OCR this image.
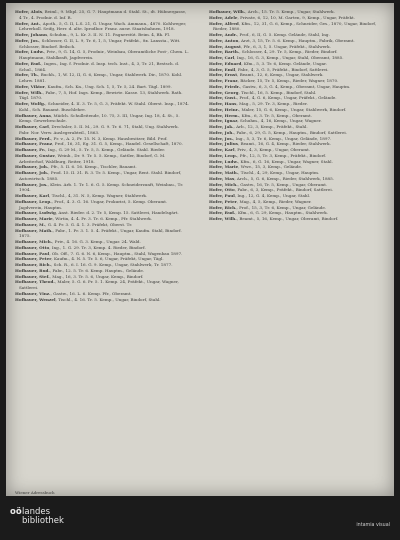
Hofer, Alois, Beiml., 9. Mhpl. 25, G. 7. Hauptmann d. Stahl. St., dt. Hübnergasse, 4 Tr., 4. Prodnir. d. Inf. R.

Hofer, Ant., Apoth., 5, G. II, L.S. 21, G. Ungar, Wach. Ammann., 4870. Kohlweger, Lehrerkoll. Seifg, Herr. d. alte. Iprodbor. Franz. ausw. Staatsbahnen, 1918.

Hofer, Johann, Schuhm., 9, L. Kr. 3. II. N. 11. Pagnerstüt. Beim. 4, Bk. Fl.

Hofer, Jos., Schlosser, G. II, L. 9, Tr. 6, 1, 5, Ungar, Präfekt., 8x. Lanssta., Witt. Schlosser, Bindorf. Beilsch.

Hofer, Ludw., Priv., 9, G. 14, G. 5, Prodnir., Weinbau, Oberamtliche Post-, Chem. L. Hauptmann, Stahlkraft, Jagdverein.

Hofer, Rud., Ingen., Ing. f. Prodnir. d. Insp. tech. Inst., 4, 3, Tr. 21, Bestsch. d. Schul., 1864.

Hofer, Th., Buchh., 1, W. 12, II, G. 6, Kemp., Ungar, Stahlwerk. Dir., 1870. Kohl. Lehrw. 1881.

Hofer, Viktor, Kaufm., Sch. Kn., Ung. Sch. 1, 5, Tr. 5, 24. Bart. Tägl. 1899.

Hofer, Wilh., Fabr., 7, 5, Hof. Ings. Kemp., Bewirte. Kasse. 13, Stahlwerk. Rath. Tägl. 1870.

Hofer, Wolfg., Schneider, 4. II. 3. Tr. 5, G. 3, Präfekt. W. Stahl. Oberst. Insp., 1874. Kohl., Sch. Bauamt. Buschlehre.

Hofbauer, Anna, Mädch. Schulleitende, 10. 75, 3. III, Ungar, Ing. 18, 4. St., 5. Kemp. Gewerbeschule.

Hofbauer, Carl, Drechsler, 5. II. M., 29. G. 9. Tr. 6. 71, Stahl, Ung. Stahlwerk. Fabr. Nor. Verw. Auslegerabteil., 1863.

Hofbauer, Ferd., Fr. v., A. 2, Fr. 15. N. 3, Kemp. Hausbesitzer, Bild. Prof.

Hofbauer, Franz, Prof., 16, 31, Eg. 31. G. 5, Kemp., Handel. Gesellschaft, 1870.

Hofbauer, Fr., Ing., G. 29 M., 5. Tr. 5, 5. Kemp., Gelände. Stahl. Rieder.

Hofbauer, Gustav, Weinb., Dr. 9. Tr. 5. 5. Kemp., Sattler, Bindorf, G. M. Arbeiterhof, Waldburg, Reiter, 1918.

Hofbauer, Joh., Pfr., 5. II. 6. 16. Kemp., Tischler, Bauamt.

Hofbauer, Joh., Prod. 15. II. 31. R. 3. Tr. 5. Kemp., Ungar, Rent. Stahl. Bindorf, Autowirtsch. 1885.

Hofbauer, Jos., Klein. Arb. 1. Tr. 1. 6. G. 5. Kemp. Schneiderzunft, Weinbau., Tr. 1904.

Hofbauer, Karl, Tischl., 4, 31. N. 5, Kemp. Wagner, Stahlwerk.

Hofbauer, Leop., Prof., 4. 3. G. 16. Ungar, Prokurist, 5. Kemp. Oberamt. Jagdverein, Hauptm.

Hofbauer, Ludwig, Anst. Rieder. d. 2. Tr. 5, Kemp. 15. Sattlerei, Handelsgärt.

Hofbauer, Marie, Wirtin, 4. 4. Pr. 3. Tr. 6. Kemp., Pfr. Stahlwerk.

Hofbauer, M., G. 4. Pr. 3. G. 4. 1. 3. Präfekt, Oberst. Tr.

Hofbauer, Math., Fabr., 1. Pr. 3. 1. 5. 4. Präfekt., Ungar, Kaufm. Stahl, Bindorf. 1875.

Hofbauer, Mich., Priv., 4. 16. G. 3. Kemp., Ungar. 24. Wald.

Hofbauer, Otto, Ing., 1. G. 29. Tr. 3, Kemp. 4. Rieder, Bindorf.

Hofbauer, Paul, Ob. Off., 7. G. 6. N. 6, Kemp., Hauptm., Stahl, Wagenbau 1897.

Hofbauer, Peter, Kaufm., 4. N. 5. Tr. 5. 6, Ungar, Präfekt, Ungar, Tägl.

Hofbauer, Rich., Sch. R., 6. I. 16. G. 9. Kemp., Ungar, Stahlwerk, Tr. 1877.

Hofbauer, Rud., Fabr., 12. 5. Tr. 6. Kemp. Hauptm., Gelände.

Hofbauer, Stef., Mag., 16, 3. Tr. 5. 6, Ungar, Kemp., Bindorf.

Hofbauer, Theod., Maler, 5. G. 6. Pr. 5. 1. Kemp. 24, Präfekt., Ungar, Wagner, Sattlerei.

Hofbauer, Vinz., Gastw., 16. L. 6. Kemp. Pfr., Oberamt.

Hofbauer, Wenzel, Tischl., 4. 16. Tr. 5. Kemp., Ungar, Bindorf, Stahl.

Hofbauer, Wilh., Arch., 15. Tr. 5. Kemp., Ungar, Stahlwerk.

Hofer, Adele, Private, 6, 12, 10, M. Garten, 9, Kemp., Ungar, Präfekt.

Hofer, Alfred, Kfm., 12, 31, G. 6, Kemp., Schneider, Ges., 1870, Ungar, Bindorf, Rieder, 1880.

Hofer, Andr., Prof., 6, II, G. 5. Kemp. Gelände, Stahl, Ing.

Hofer, Anton, Arzt, 3, 15, Tr. 5. 6. Kemp., Hauptm., Fabrik, Oberamt.

Hofer, August, Pfr., 6, 3, 1, 5. Ungar, Präfekt., Stahlwerk.

Hofer, Barth., Schlosser, 4, 29. Tr. 5, Kemp., Rieder, Bindorf.

Hofer, Carl, Ing., 16, G. 3, Kemp., Ungar, Stahl, Oberamt, 1885.

Hofer, Eduard, Kfm., 5, 3. Tr. 6, Kemp. Gelände, Ungar.

Hofer, Emil, Fabr., 4, 3, G. 5, Präfekt., Bindorf, Sattlerei.

Hofer, Ernst, Beamt., 12, 6, Kemp., Ungar, Stahlwerk.

Hofer, Franz, Bäcker, 15, Tr. 5, Kemp., Rieder, Wagner, 1870.

Hofer, Friedr., Gastw., 6, 3, G. 4, Kemp., Oberamt, Ungar, Hauptm.

Hofer, Georg, Tischl., 16, 5. Kemp., Bindorf, Stahl.

Hofer, Gust., Prof., 4, G. 6, Kemp., Ungar, Präfekt., Gelände.

Hofer, Hans, Mag., 5, 29. Tr. 3, Kemp., Rieder.

Hofer, Heinr., Maler, 15, G. 6, Kemp., Ungar, Stahlwerk, Bindorf.

Hofer, Herm., Kfm., 6, 3. Tr. 5, Kemp., Oberamt.

Hofer, Ignaz, Schuhm., 4, 16, Kemp., Ungar, Wagner.

Hofer, Jak., Arb., 12, 3, Kemp., Präfekt., Stahl.

Hofer, Joh., Fabr., 6, 29, G. 5, Kemp., Hauptm., Bindorf, Sattlerei.

Hofer, Jos., Ing., 5, 3, Tr. 6, Kemp., Ungar, Gelände, 1897.

Hofer, Julius, Beamt., 16, G. 4, Kemp., Rieder, Stahlwerk.

Hofer, Karl, Priv., 4, 3, Kemp., Ungar, Oberamt.

Hofer, Leop., Pfr., 12, 5, Tr. 3, Kemp., Präfekt., Bindorf.

Hofer, Ludw., Kfm., 6, G. 16, Kemp., Ungar, Wagner, Stahl.

Hofer, Marie, Wwe., 15, 3, Kemp., Gelände.

Hofer, Math., Tischl., 4, 29, Kemp., Ungar, Hauptm.

Hofer, Max, Arch., 5, G. 6, Kemp., Rieder, Stahlwerk, 1885.

Hofer, Mich., Gastw., 16, Tr. 5, Kemp., Ungar, Oberamt.

Hofer, Otto, Fabr., 6, 3, Kemp., Präfekt., Bindorf, Sattlerei.

Hofer, Paul, Ing., 12, G. 4, Kemp., Ungar, Stahl.

Hofer, Peter, Mag., 4, 5, Kemp., Rieder, Wagner.

Hofer, Rich., Prof., 15, 3, Tr. 6, Kemp., Ungar, Gelände.

Hofer, Rud., Kfm., 6, G. 29, Kemp., Hauptm., Stahlwerk.

Hofer, Wilh., Beamt., 5, 16, Kemp., Ungar, Oberamt, Bindorf.

Wiener Adressbuch
oölandes
bibliothek	intamia visual
